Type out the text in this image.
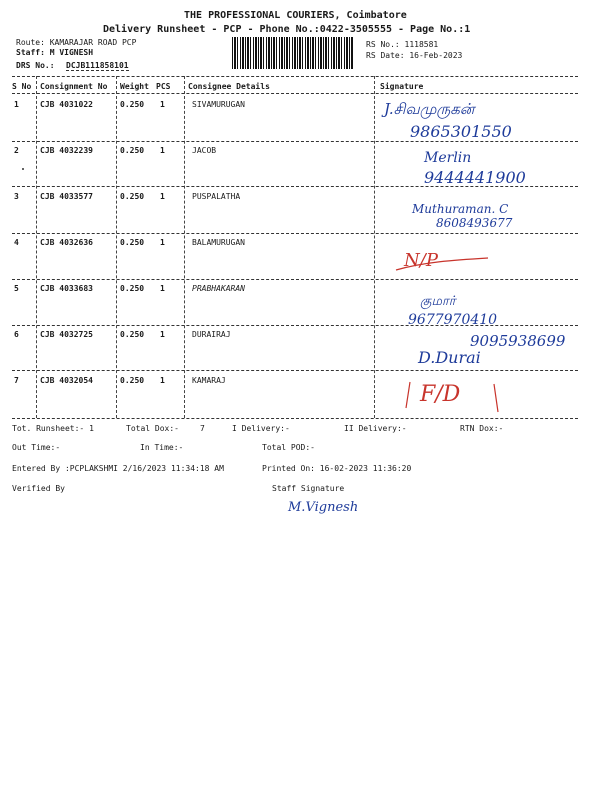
THE PROFESSIONAL COURIERS, Coimbatore
Delivery Runsheet - PCP - Phone No.:0422-3505555 - Page No.:1
Route: KAMARAJAR ROAD PCP
Staff: M VIGNESH
DRS No.: DCJB111858101
RS No.: 1118581
RS Date: 16-Feb-2023
S No Consignment No Weight PCS Consignee Details	Signature
1	CJB 4031022	0.250 1	SIVAMURUGAN	J.சிவமுருகன்
9865301550
2	CJB 4032239	0.250 1	JACOB	Merlin
9444441900
3	CJB 4033577	0.250 1	PUSPALATHA
Muthuraman. C
8608493677
4	CJB 4032636	0.250 1	BALAMURUGAN
N/P
5	CJB 4033683	0.250 1	PRABHAKARAN
குமார்
9677970410
6	CJB 4032725	0.250 1	DURAIRAJ	9095938699
D.Durai
7	CJB 4032054	0.250 1	KAMARAJ
F/D
Tot. Runsheet:- 1	Total Dox:-	7	I Delivery:-	II Delivery:-	RTN Dox:-
Out Time:-	In Time:-	Total POD:-
Entered By :PCPLAKSHMI 2/16/2023 11:34:18 AM	Printed On: 16-02-2023 11:36:20
Verified By	Staff Signature
M.Vignesh
